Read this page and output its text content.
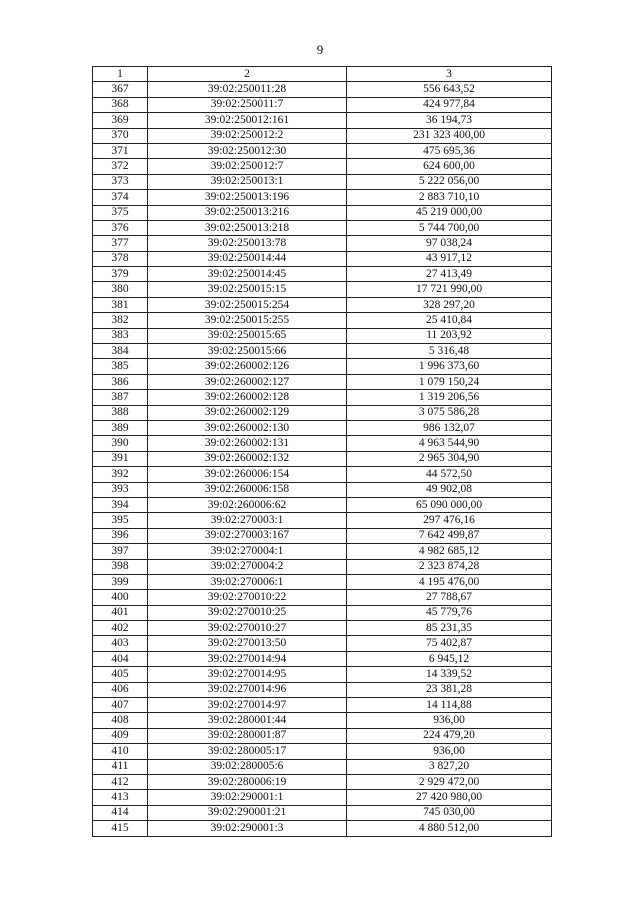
9
1	2	3
367	39:02:250011:28	556 643,52
368	39:02:250011:7	424 977,84
369	39:02:250012:161	36 194,73
370	39:02:250012:2	231 323 400,00
371	39:02:250012:30	475 695,36
372	39:02:250012:7	624 600,00
373	39:02:250013:1	5 222 056,00
374	39:02:250013:196	2 883 710,10
375	39:02:250013:216	45 219 000,00
376	39:02:250013:218	5 744 700,00
377	39:02:250013:78	97 038,24
378	39:02:250014:44	43 917,12
379	39:02:250014:45	27 413,49
380	39:02:250015:15	17 721 990,00
381	39:02:250015:254	328 297,20
382	39:02:250015:255	25 410,84
383	39:02:250015:65	11 203,92
384	39:02:250015:66	5 316,48
385	39:02:260002:126	1 996 373,60
386	39:02:260002:127	1 079 150,24
387	39:02:260002:128	1 319 206,56
388	39:02:260002:129	3 075 586,28
389	39:02:260002:130	986 132,07
390	39:02:260002:131	4 963 544,90
391	39:02:260002:132	2 965 304,90
392	39:02:260006:154	44 572,50
393	39:02:260006:158	49 902,08
394	39:02:260006:62	65 090 000,00
395	39:02:270003:1	297 476,16
396	39:02:270003:167	7 642 499,87
397	39:02:270004:1	4 982 685,12
398	39:02:270004:2	2 323 874,28
399	39:02:270006:1	4 195 476,00
400	39:02:270010:22	27 788,67
401	39:02:270010:25	45 779,76
402	39:02:270010:27	85 231,35
403	39:02:270013:50	75 402,87
404	39:02:270014:94	6 945,12
405	39:02:270014:95	14 339,52
406	39:02:270014:96	23 381,28
407	39:02:270014:97	14 114,88
408	39:02:280001:44	936,00
409	39:02:280001:87	224 479,20
410	39:02:280005:17	936,00
411	39:02:280005:6	3 827,20
412	39:02:280006:19	2 929 472,00
413	39:02:290001:1	27 420 980,00
414	39:02:290001:21	745 030,00
415	39:02:290001:3	4 880 512,00
